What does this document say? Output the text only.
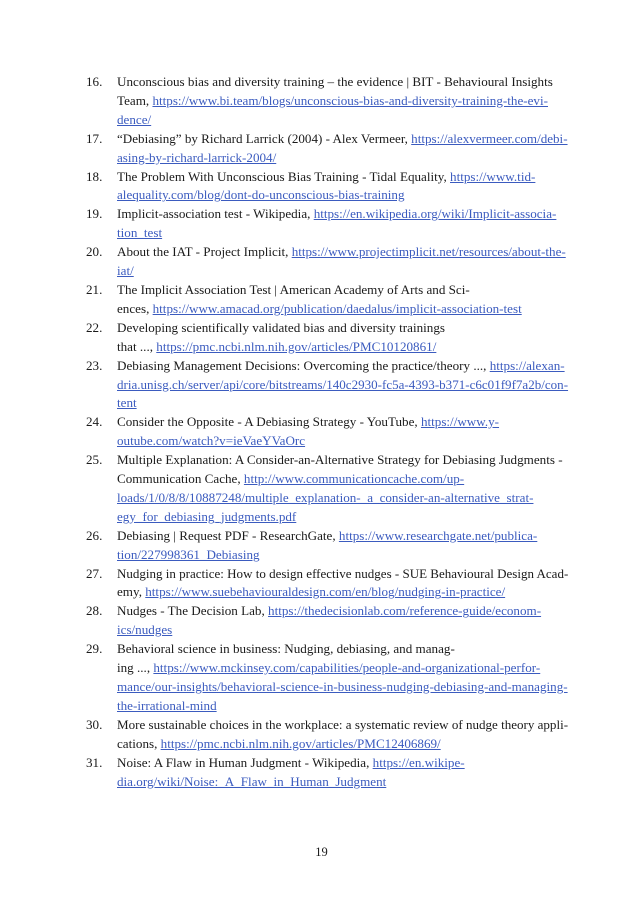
16.	Unconscious bias and diversity training – the evidence | BIT - Behavioural Insights
Team, https://www.bi.team/blogs/unconscious-bias-and-diversity-training-the-evi-
dence/
17.	“Debiasing” by Richard Larrick (2004) - Alex Vermeer, https://alexvermeer.com/debi-
asing-by-richard-larrick-2004/
18.	The Problem With Unconscious Bias Training - Tidal Equality, https://www.tid-
alequality.com/blog/dont-do-unconscious-bias-training
19.	Implicit-association test - Wikipedia, https://en.wikipedia.org/wiki/Implicit-associa-
tion_test
20.	About the IAT - Project Implicit, https://www.projectimplicit.net/resources/about-the-
iat/
21.	The Implicit Association Test | American Academy of Arts and Sci-
ences, https://www.amacad.org/publication/daedalus/implicit-association-test
22.	Developing scientifically validated bias and diversity trainings
that ..., https://pmc.ncbi.nlm.nih.gov/articles/PMC10120861/
23.	Debiasing Management Decisions: Overcoming the practice/theory ..., https://alexan-
dria.unisg.ch/server/api/core/bitstreams/140c2930-fc5a-4393-b371-c6c01f9f7a2b/con-
tent
24.	Consider the Opposite - A Debiasing Strategy - YouTube, https://www.y-
outube.com/watch?v=ieVaeYVaOrc
25.	Multiple Explanation: A Consider-an-Alternative Strategy for Debiasing Judgments -
Communication Cache, http://www.communicationcache.com/up-
loads/1/0/8/8/10887248/multiple_explanation-_a_consider-an-alternative_strat-
egy_for_debiasing_judgments.pdf
26.	Debiasing | Request PDF - ResearchGate, https://www.researchgate.net/publica-
tion/227998361_Debiasing
27.	Nudging in practice: How to design effective nudges - SUE Behavioural Design Acad-
emy, https://www.suebehaviouraldesign.com/en/blog/nudging-in-practice/
28.	Nudges - The Decision Lab, https://thedecisionlab.com/reference-guide/econom-
ics/nudges
29.	Behavioral science in business: Nudging, debiasing, and manag-
ing ..., https://www.mckinsey.com/capabilities/people-and-organizational-perfor-
mance/our-insights/behavioral-science-in-business-nudging-debiasing-and-managing-
the-irrational-mind
30.	More sustainable choices in the workplace: a systematic review of nudge theory appli-
cations, https://pmc.ncbi.nlm.nih.gov/articles/PMC12406869/
31.	Noise: A Flaw in Human Judgment - Wikipedia, https://en.wikipe-
dia.org/wiki/Noise:_A_Flaw_in_Human_Judgment
19
